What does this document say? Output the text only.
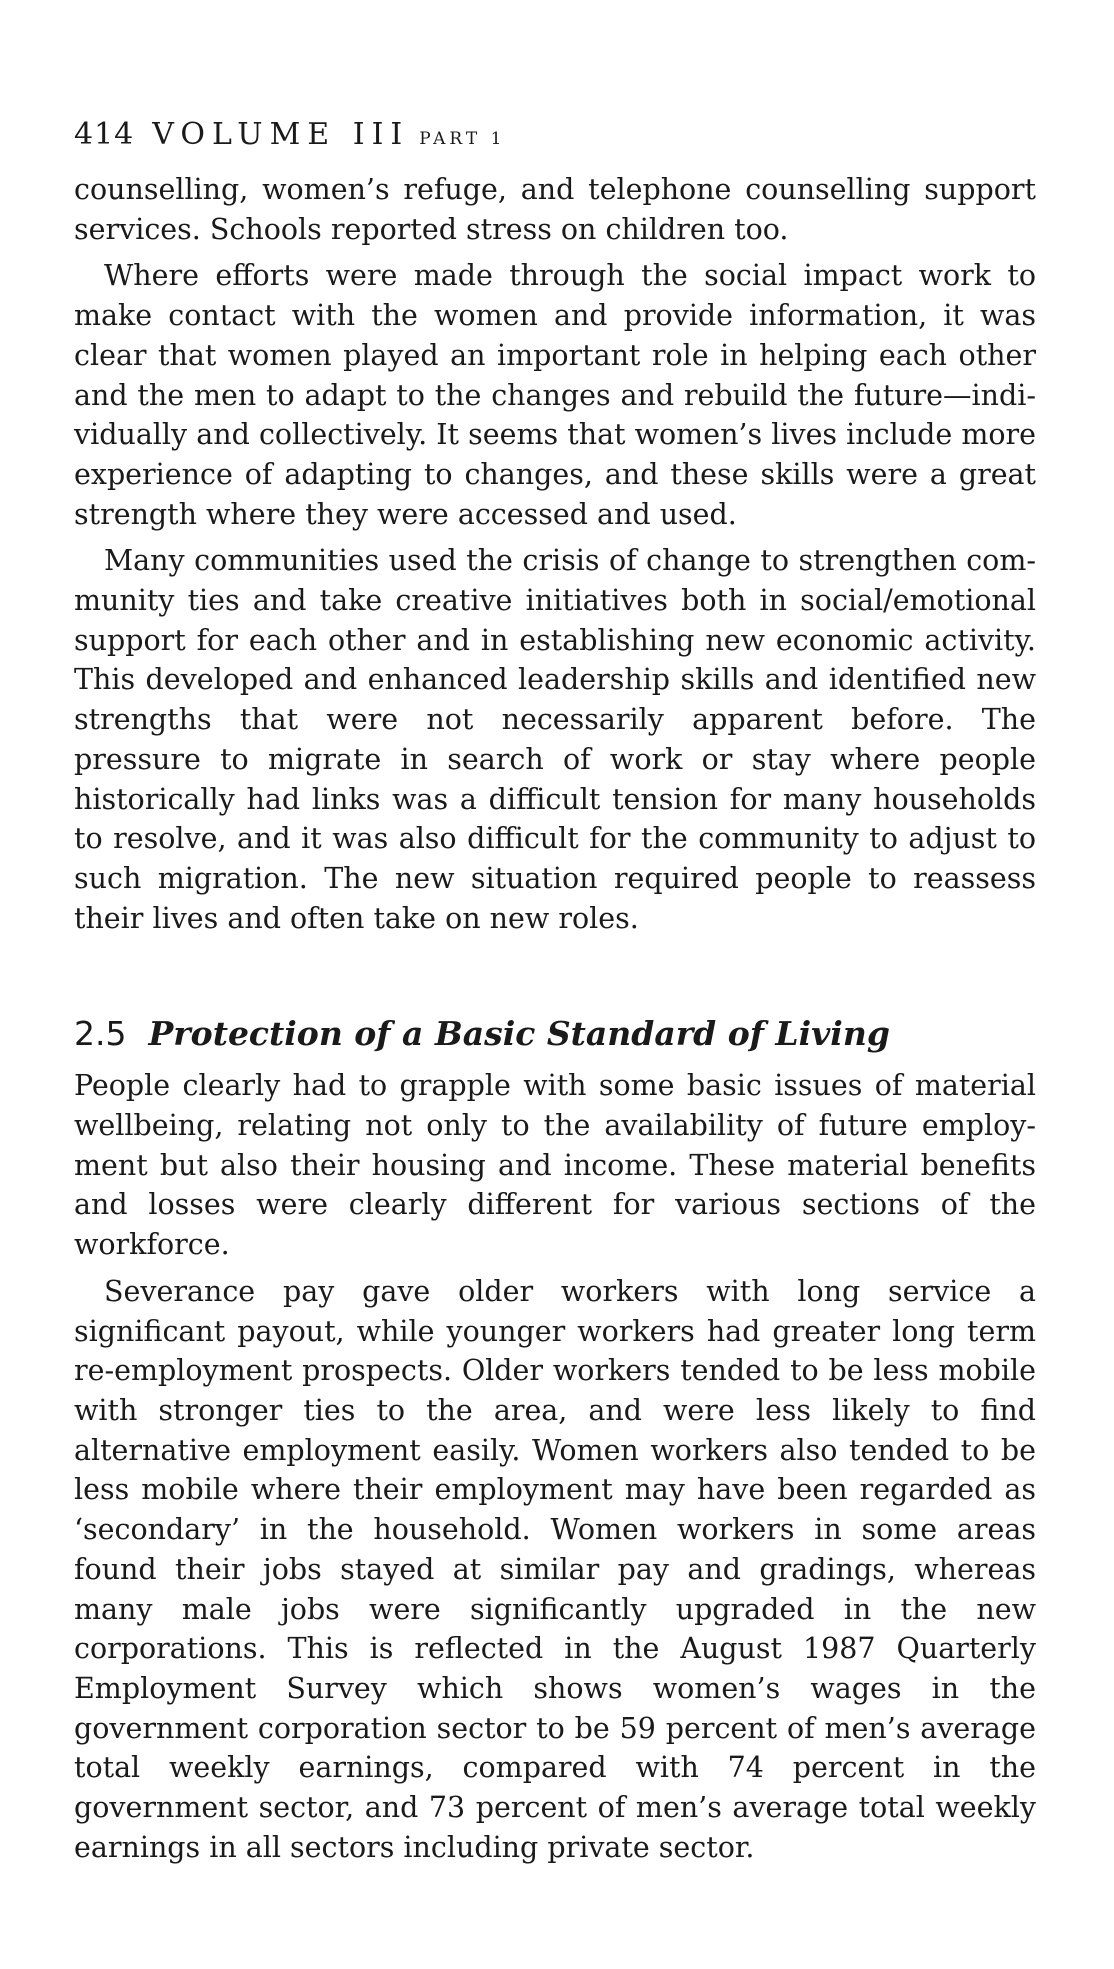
414 VOLUME III PART 1

counselling, women’s refuge, and telephone counselling support services. Schools reported stress on children too.

Where efforts were made through the social impact work to make contact with the women and provide information, it was clear that women played an important role in helping each other and the men to adapt to the changes and rebuild the future—individually and collectively. It seems that women’s lives include more experience of adapting to changes, and these skills were a great strength where they were accessed and used.

Many communities used the crisis of change to strengthen community ties and take creative initiatives both in social/emotional support for each other and in establishing new economic activity. This developed and enhanced leadership skills and identified new strengths that were not necessarily apparent before. The pressure to migrate in search of work or stay where people historically had links was a difficult tension for many households to resolve, and it was also difficult for the community to adjust to such migration. The new situation required people to reassess their lives and often take on new roles.

2.5 Protection of a Basic Standard of Living

People clearly had to grapple with some basic issues of material wellbeing, relating not only to the availability of future employment but also their housing and income. These material benefits and losses were clearly different for various sections of the workforce.

Severance pay gave older workers with long service a significant payout, while younger workers had greater long term re-employment prospects. Older workers tended to be less mobile with stronger ties to the area, and were less likely to find alternative employment easily. Women workers also tended to be less mobile where their employment may have been regarded as ‘secondary’ in the household. Women workers in some areas found their jobs stayed at similar pay and gradings, whereas many male jobs were significantly upgraded in the new corporations. This is reflected in the August 1987 Quarterly Employment Survey which shows women’s wages in the government corporation sector to be 59 percent of men’s average total weekly earnings, compared with 74 percent in the government sector, and 73 percent of men’s average total weekly earnings in all sectors including private sector.
